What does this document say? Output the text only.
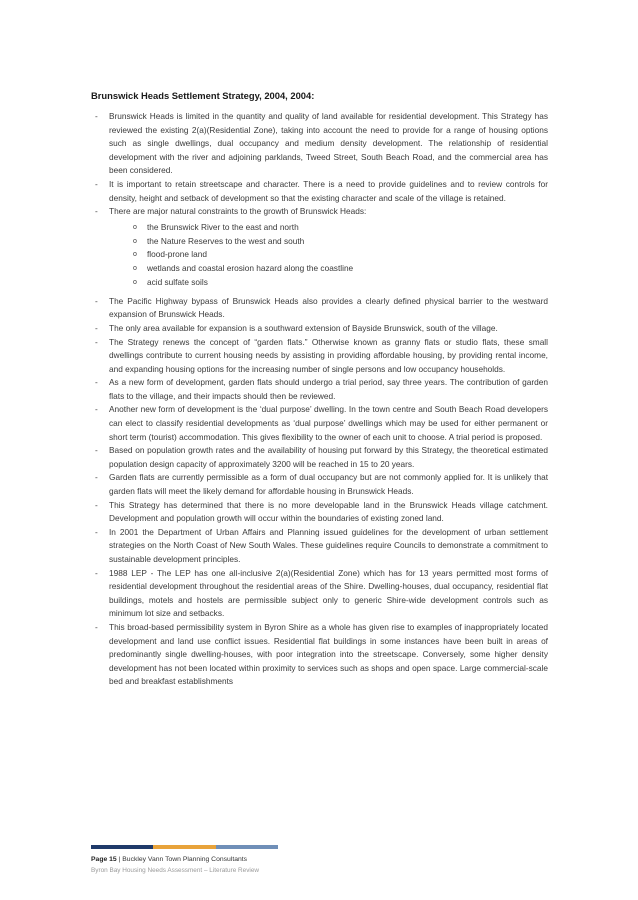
Brunswick Heads Settlement Strategy, 2004, 2004:
- Brunswick Heads is limited in the quantity and quality of land available for residential development. This Strategy has reviewed the existing 2(a)(Residential Zone), taking into account the need to provide for a range of housing options such as single dwellings, dual occupancy and medium density development. The relationship of residential development with the river and adjoining parklands, Tweed Street, South Beach Road, and the commercial area has been considered.
- It is important to retain streetscape and character. There is a need to provide guidelines and to review controls for density, height and setback of development so that the existing character and scale of the village is retained.
- There are major natural constraints to the growth of Brunswick Heads:
o the Brunswick River to the east and north
o the Nature Reserves to the west and south
o flood-prone land
o wetlands and coastal erosion hazard along the coastline
o acid sulfate soils
- The Pacific Highway bypass of Brunswick Heads also provides a clearly defined physical barrier to the westward expansion of Brunswick Heads.
- The only area available for expansion is a southward extension of Bayside Brunswick, south of the village.
- The Strategy renews the concept of “garden flats.” Otherwise known as granny flats or studio flats, these small dwellings contribute to current housing needs by assisting in providing affordable housing, by providing rental income, and expanding housing options for the increasing number of single persons and low occupancy households.
- As a new form of development, garden flats should undergo a trial period, say three years. The contribution of garden flats to the village, and their impacts should then be reviewed.
- Another new form of development is the ‘dual purpose’ dwelling. In the town centre and South Beach Road developers can elect to classify residential developments as ‘dual purpose’ dwellings which may be used for either permanent or short term (tourist) accommodation. This gives flexibility to the owner of each unit to choose. A trial period is proposed.
- Based on population growth rates and the availability of housing put forward by this Strategy, the theoretical estimated population design capacity of approximately 3200 will be reached in 15 to 20 years.
- Garden flats are currently permissible as a form of dual occupancy but are not commonly applied for. It is unlikely that garden flats will meet the likely demand for affordable housing in Brunswick Heads.
- This Strategy has determined that there is no more developable land in the Brunswick Heads village catchment. Development and population growth will occur within the boundaries of existing zoned land.
- In 2001 the Department of Urban Affairs and Planning issued guidelines for the development of urban settlement strategies on the North Coast of New South Wales. These guidelines require Councils to demonstrate a commitment to sustainable development principles.
- 1988 LEP - The LEP has one all-inclusive 2(a)(Residential Zone) which has for 13 years permitted most forms of residential development throughout the residential areas of the Shire. Dwelling-houses, dual occupancy, residential flat buildings, motels and hostels are permissible subject only to generic Shire-wide development controls such as minimum lot size and setbacks.
- This broad-based permissibility system in Byron Shire as a whole has given rise to examples of inappropriately located development and land use conflict issues. Residential flat buildings in some instances have been built in areas of predominantly single dwelling-houses, with poor integration into the streetscape. Conversely, some higher density development has not been located within proximity to services such as shops and open space. Large commercial-scale bed and breakfast establishments
Page 15 | Buckley Vann Town Planning Consultants
Byron Bay Housing Needs Assessment – Literature Review
